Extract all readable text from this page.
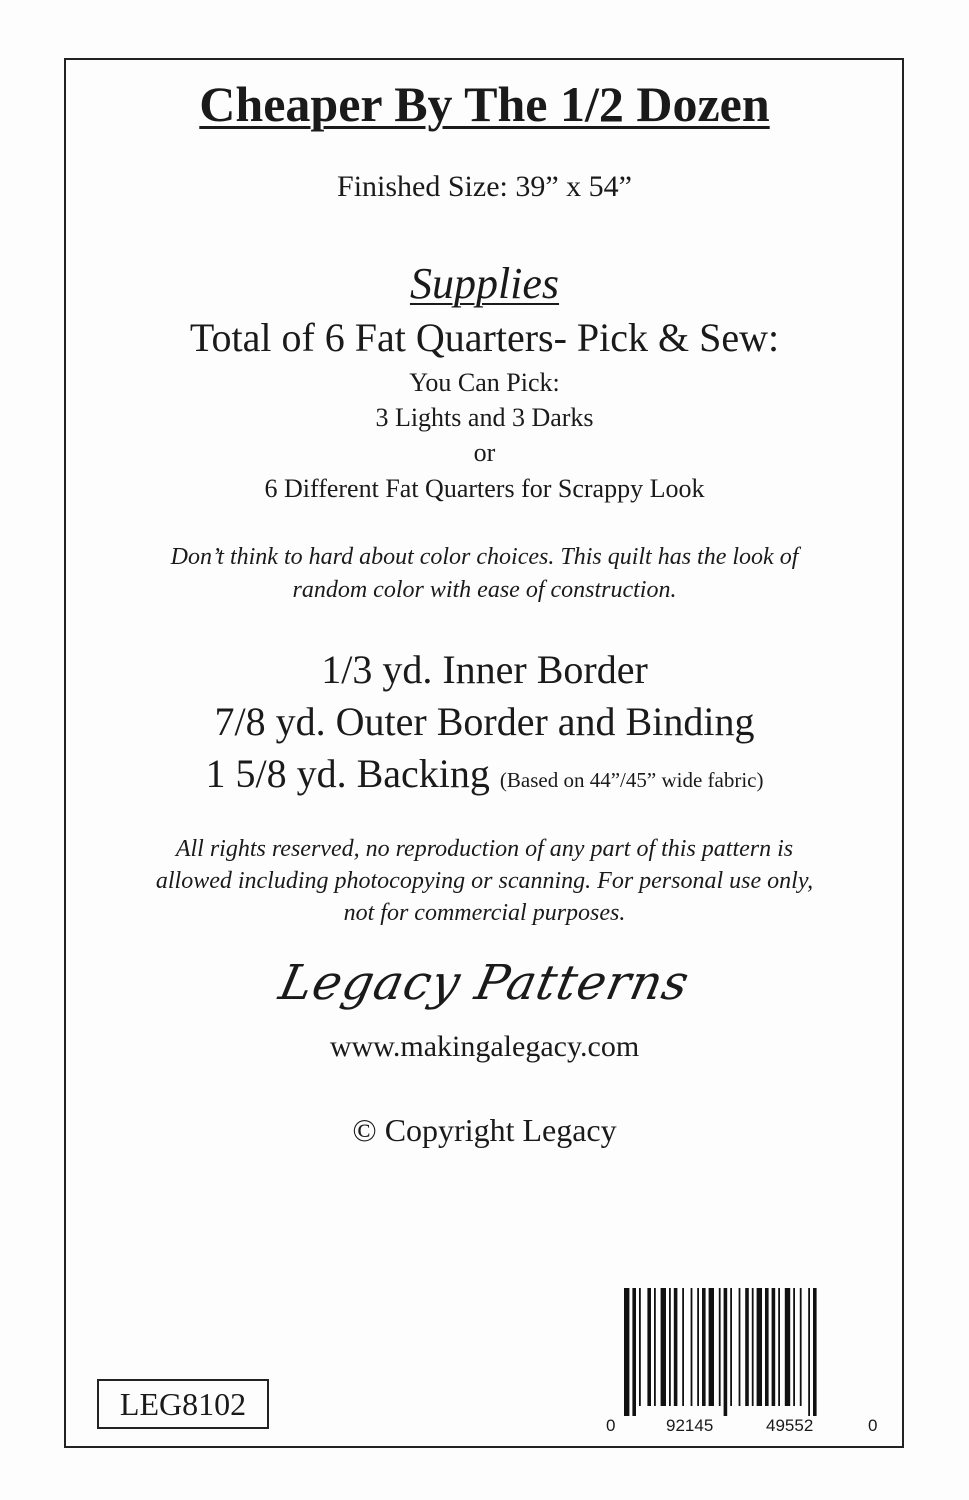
Cheaper By The 1/2 Dozen
Finished Size: 39” x 54”
Supplies
Total of 6 Fat Quarters- Pick & Sew:
You Can Pick:
3 Lights and 3 Darks
or
6 Different Fat Quarters for Scrappy Look
Don’t think to hard about color choices. This quilt has the look of
random color with ease of construction.
1/3 yd. Inner Border
7/8 yd. Outer Border and Binding
1 5/8 yd. Backing (Based on 44”/45” wide fabric)
All rights reserved, no reproduction of any part of this pattern is
allowed including photocopying or scanning. For personal use only,
not for commercial purposes.
Legacy Patterns
www.makingalegacy.com
© Copyright Legacy
LEG8102
0	92145	49552	0
